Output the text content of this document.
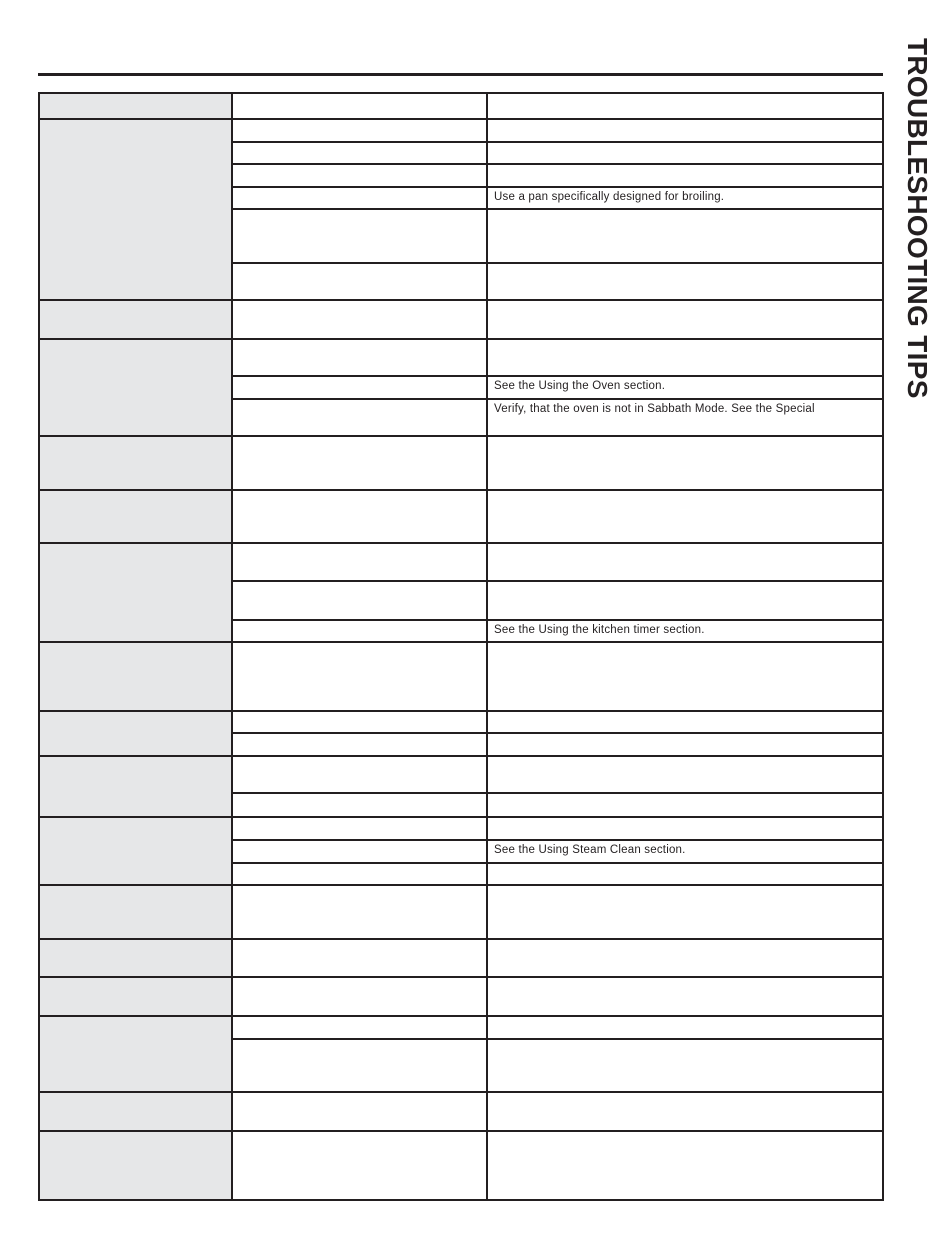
TROUBLESHOOTING TIPS

		Use a pan specifically designed for broiling.

		See the Using the Oven section.

		Verify, that the oven is not in Sabbath Mode. See the Special

		See the Using the kitchen timer section.

		See the Using Steam Clean section.
